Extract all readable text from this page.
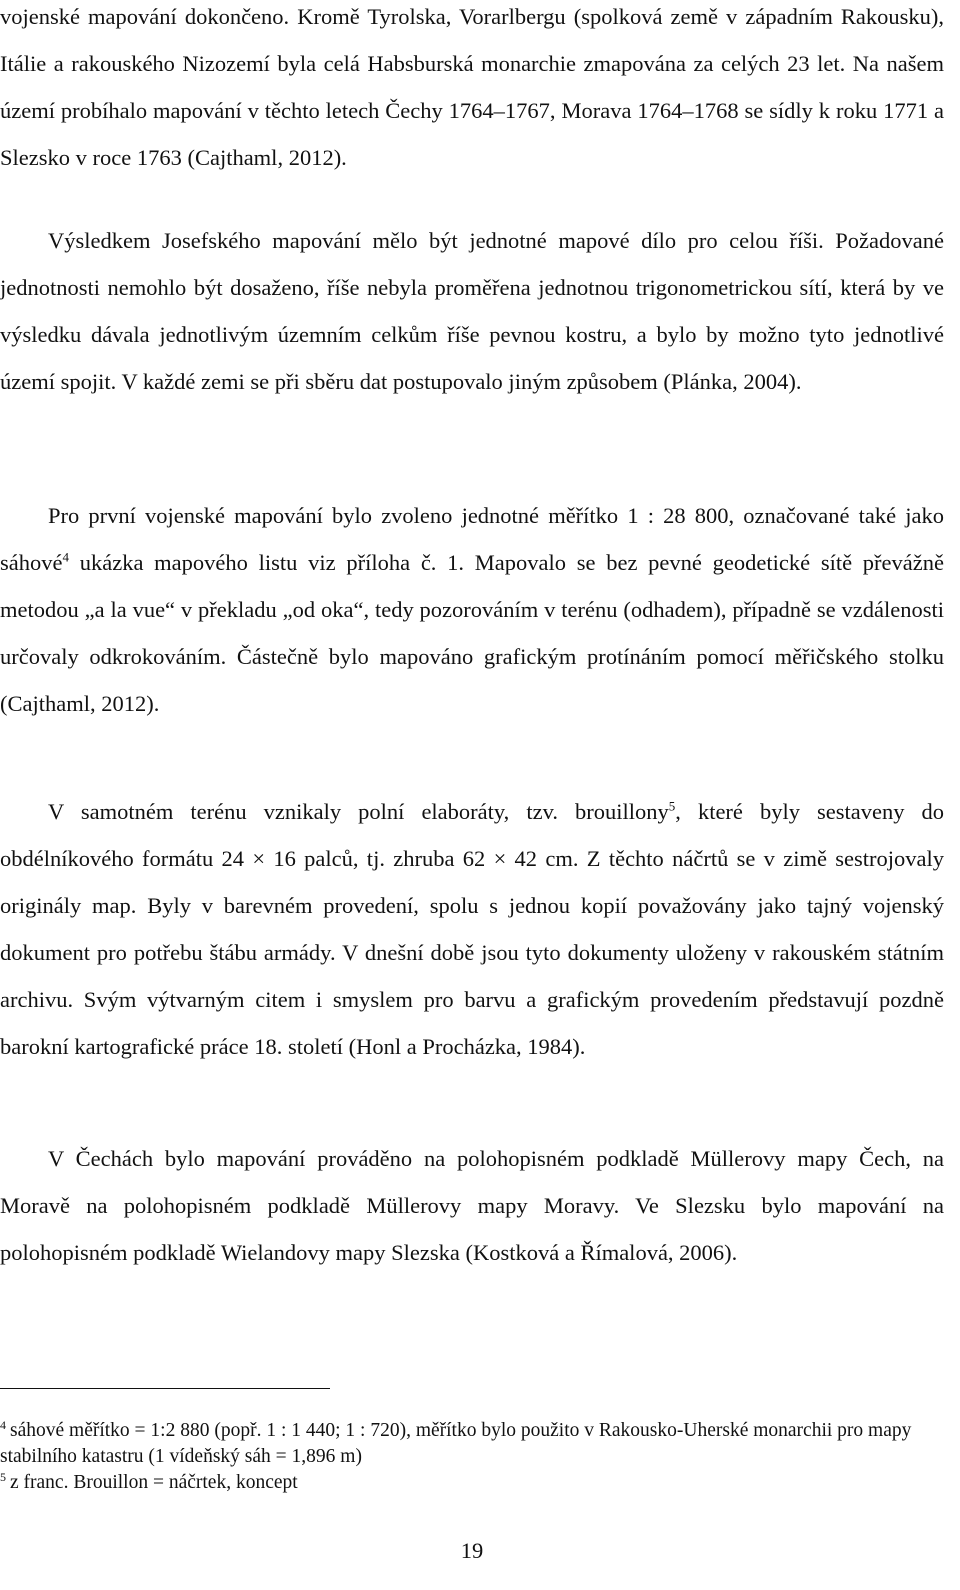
vojenské mapování dokončeno. Kromě Tyrolska, Vorarlbergu (spolková země v západním Rakousku), Itálie a rakouského Nizozemí byla celá Habsburská monarchie zmapována za celých 23 let. Na našem území probíhalo mapování v těchto letech Čechy 1764–1767, Morava 1764–1768 se sídly k roku 1771 a Slezsko v roce 1763 (Cajthaml, 2012).

Výsledkem Josefského mapování mělo být jednotné mapové dílo pro celou říši. Požadované jednotnosti nemohlo být dosaženo, říše nebyla proměřena jednotnou trigonometrickou sítí, která by ve výsledku dávala jednotlivým územním celkům říše pevnou kostru, a bylo by možno tyto jednotlivé území spojit. V každé zemi se při sběru dat postupovalo jiným způsobem (Plánka, 2004).

Pro první vojenské mapování bylo zvoleno jednotné měřítko 1 : 28 800, označované také jako sáhové$^4$ ukázka mapového listu viz příloha č. 1. Mapovalo se bez pevné geodetické sítě převážně metodou „a la vue“ v překladu „od oka“, tedy pozorováním v terénu (odhadem), případně se vzdálenosti určovaly odkrokováním. Částečně bylo mapováno grafickým protínáním pomocí měřičského stolku (Cajthaml, 2012).

V samotném terénu vznikaly polní elaboráty, tzv. brouillony$^5$, které byly sestaveny do obdélníkového formátu 24 × 16 palců, tj. zhruba 62 × 42 cm. Z těchto náčrtů se v zimě sestrojovaly originály map. Byly v barevném provedení, spolu s jednou kopií považovány jako tajný vojenský dokument pro potřebu štábu armády. V dnešní době jsou tyto dokumenty uloženy v rakouském státním archivu. Svým výtvarným citem i smyslem pro barvu a grafickým provedením představují pozdně barokní kartografické práce 18. století (Honl a Procházka, 1984).

V Čechách bylo mapování prováděno na polohopisném podkladě Müllerovy mapy Čech, na Moravě na polohopisném podkladě Müllerovy mapy Moravy. Ve Slezsku bylo mapování na polohopisném podkladě Wielandovy mapy Slezska (Kostková a Římalová, 2006).

$^4$ sáhové měřítko = 1:2 880 (popř. 1 : 1 440; 1 : 720), měřítko bylo použito v Rakousko-Uherské monarchii pro mapy stabilního katastru (1 vídeňský sáh = 1,896 m)

$^5$ z franc. Brouillon = náčrtek, koncept

19
